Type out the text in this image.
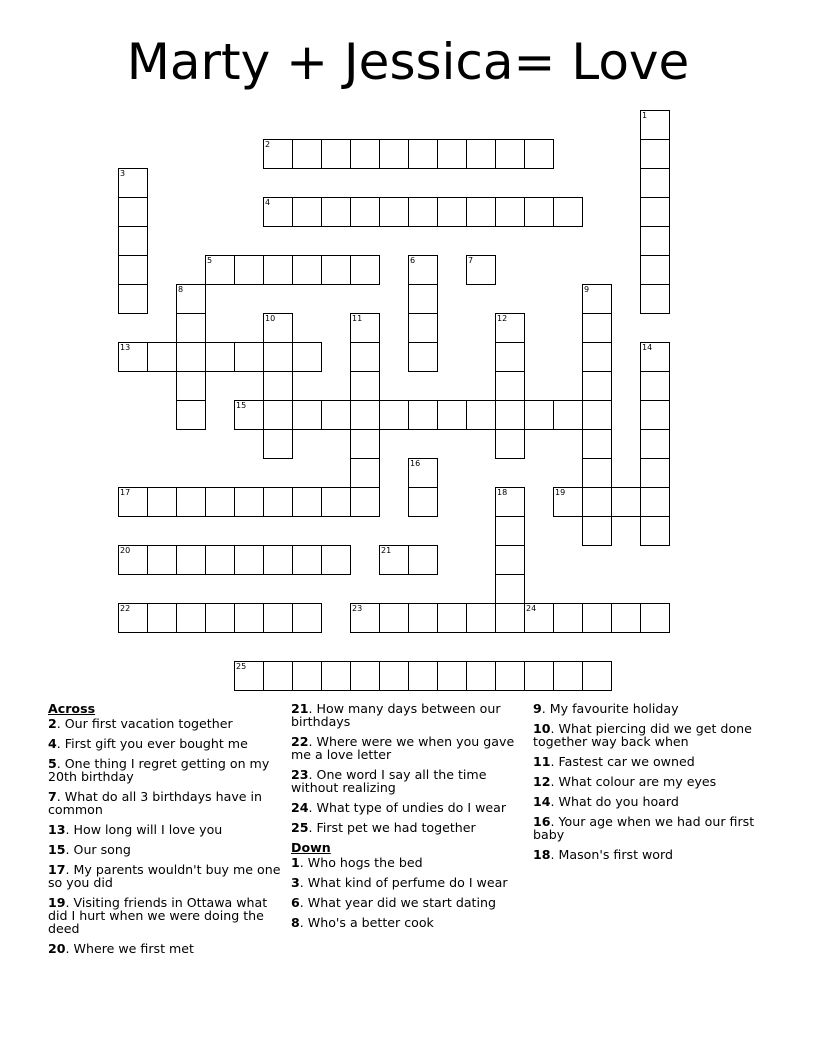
Marty + Jessica= Love
1
2
3
4
5	6	7
8	9
10	11	12
13	14
15
16
17	18	19
20	21
22	23	24
25

Across

2. Our first vacation together

4. First gift you ever bought me

5. One thing I regret getting on my 20th birthday

7. What do all 3 birthdays have in common

13. How long will I love you

15. Our song

17. My parents wouldn't buy me one so you did

19. Visiting friends in Ottawa what did I hurt when we were doing the deed

20. Where we first met

21. How many days between our birthdays

22. Where were we when you gave me a love letter

23. One word I say all the time without realizing

24. What type of undies do I wear

25. First pet we had together

Down

1. Who hogs the bed

3. What kind of perfume do I wear

6. What year did we start dating

8. Who's a better cook

9. My favourite holiday

10. What piercing did we get done together way back when

11. Fastest car we owned

12. What colour are my eyes

14. What do you hoard

16. Your age when we had our first baby

18. Mason's first word
